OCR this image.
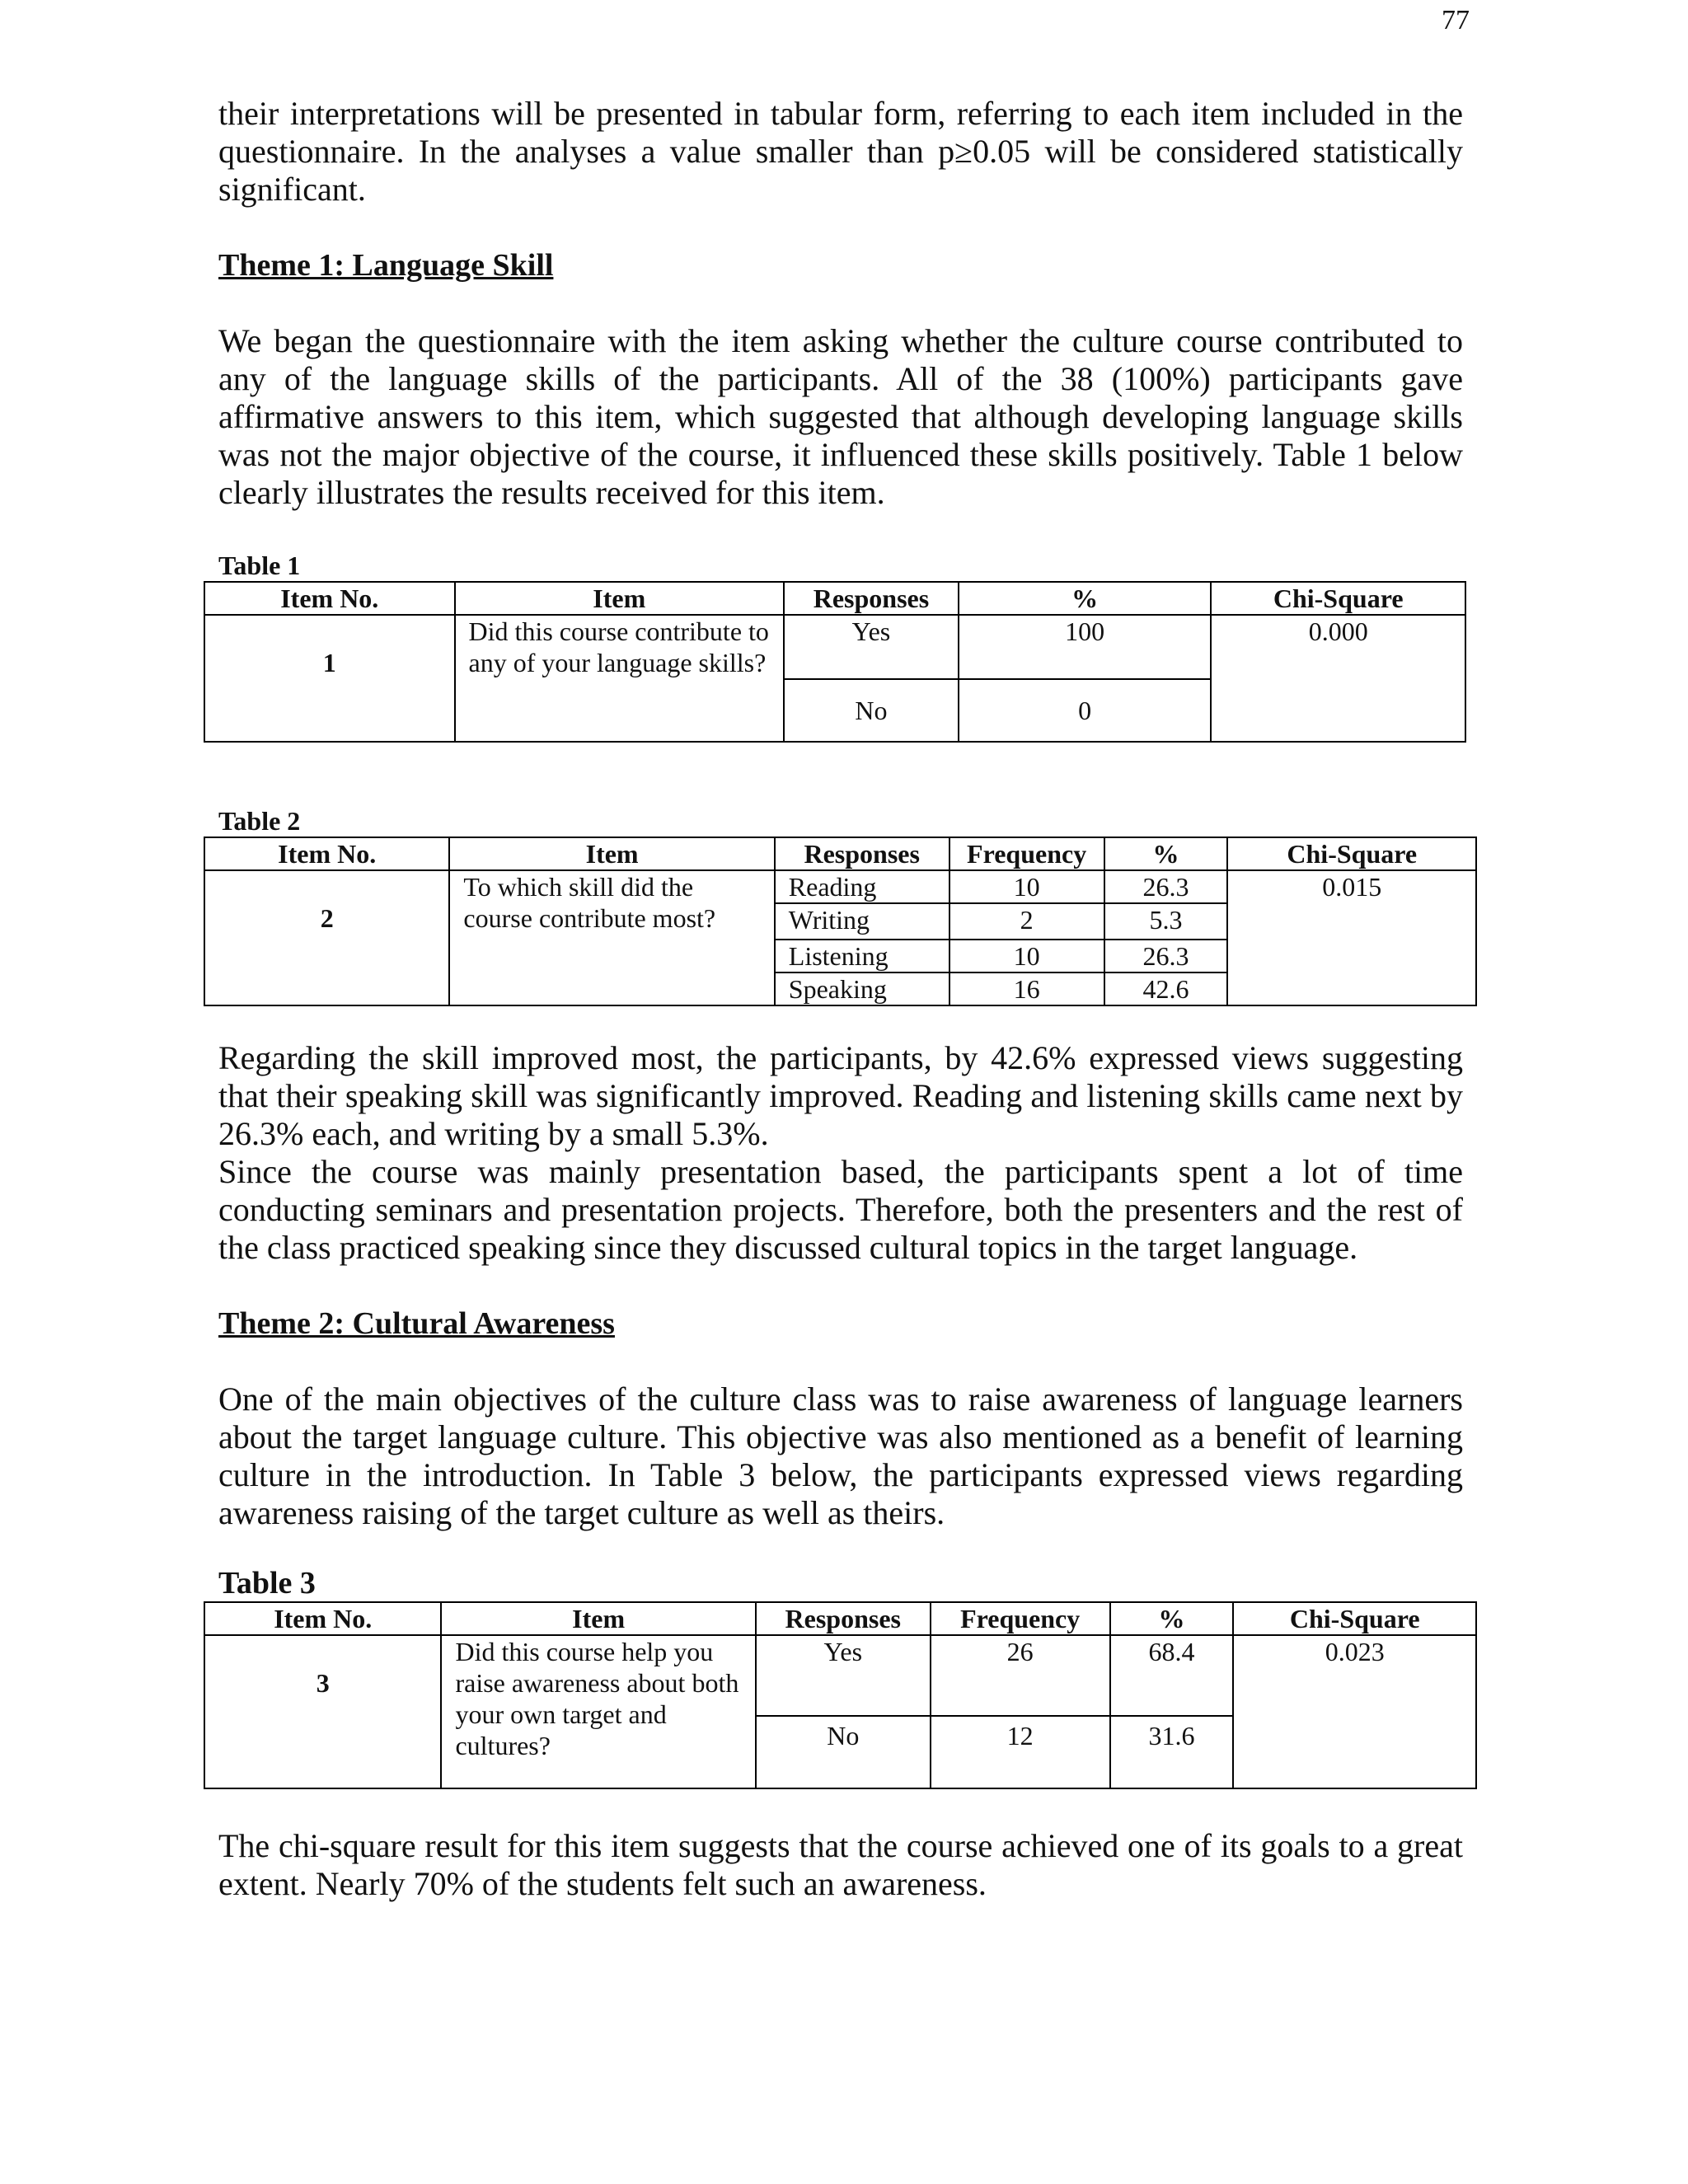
77

their interpretations will be presented in tabular form, referring to each item included in the questionnaire. In the analyses a value smaller than p≥0.05 will be considered statistically significant.

Theme 1: Language Skill

We began the questionnaire with the item asking whether the culture course contributed to any of the language skills of the participants. All of the 38 (100%) participants gave affirmative answers to this item, which suggested that although developing language skills was not the major objective of the course, it influenced these skills positively. Table 1 below clearly illustrates the results received for this item.

Table 1
Item No.	Item	Responses	%	Chi-Square
1	Did this course contribute to any of your language skills?	Yes	100	0.000
		No	0	
Table 2
Item No.	Item	Responses	Frequency	%	Chi-Square
2	To which skill did the course contribute most?	Reading	10	26.3	0.015
		Writing	2	5.3	
		Listening	10	26.3	
		Speaking	16	42.6	

Regarding the skill improved most, the participants, by 42.6% expressed views suggesting that their speaking skill was significantly improved. Reading and listening skills came next by 26.3% each, and writing by a small 5.3%.

Since the course was mainly presentation based, the participants spent a lot of time conducting seminars and presentation projects. Therefore, both the presenters and the rest of the class practiced speaking since they discussed cultural topics in the target language.

Theme 2: Cultural Awareness

One of the main objectives of the culture class was to raise awareness of language learners about the target language culture. This objective was also mentioned as a benefit of learning culture in the introduction. In Table 3 below, the participants expressed views regarding awareness raising of the target culture as well as theirs.

Table 3
Item No.	Item	Responses	Frequency	%	Chi-Square
3	Did this course help you raise awareness about both your own target and cultures?	Yes	26	68.4	0.023
		No	12	31.6	

The chi-square result for this item suggests that the course achieved one of its goals to a great extent. Nearly 70% of the students felt such an awareness.
